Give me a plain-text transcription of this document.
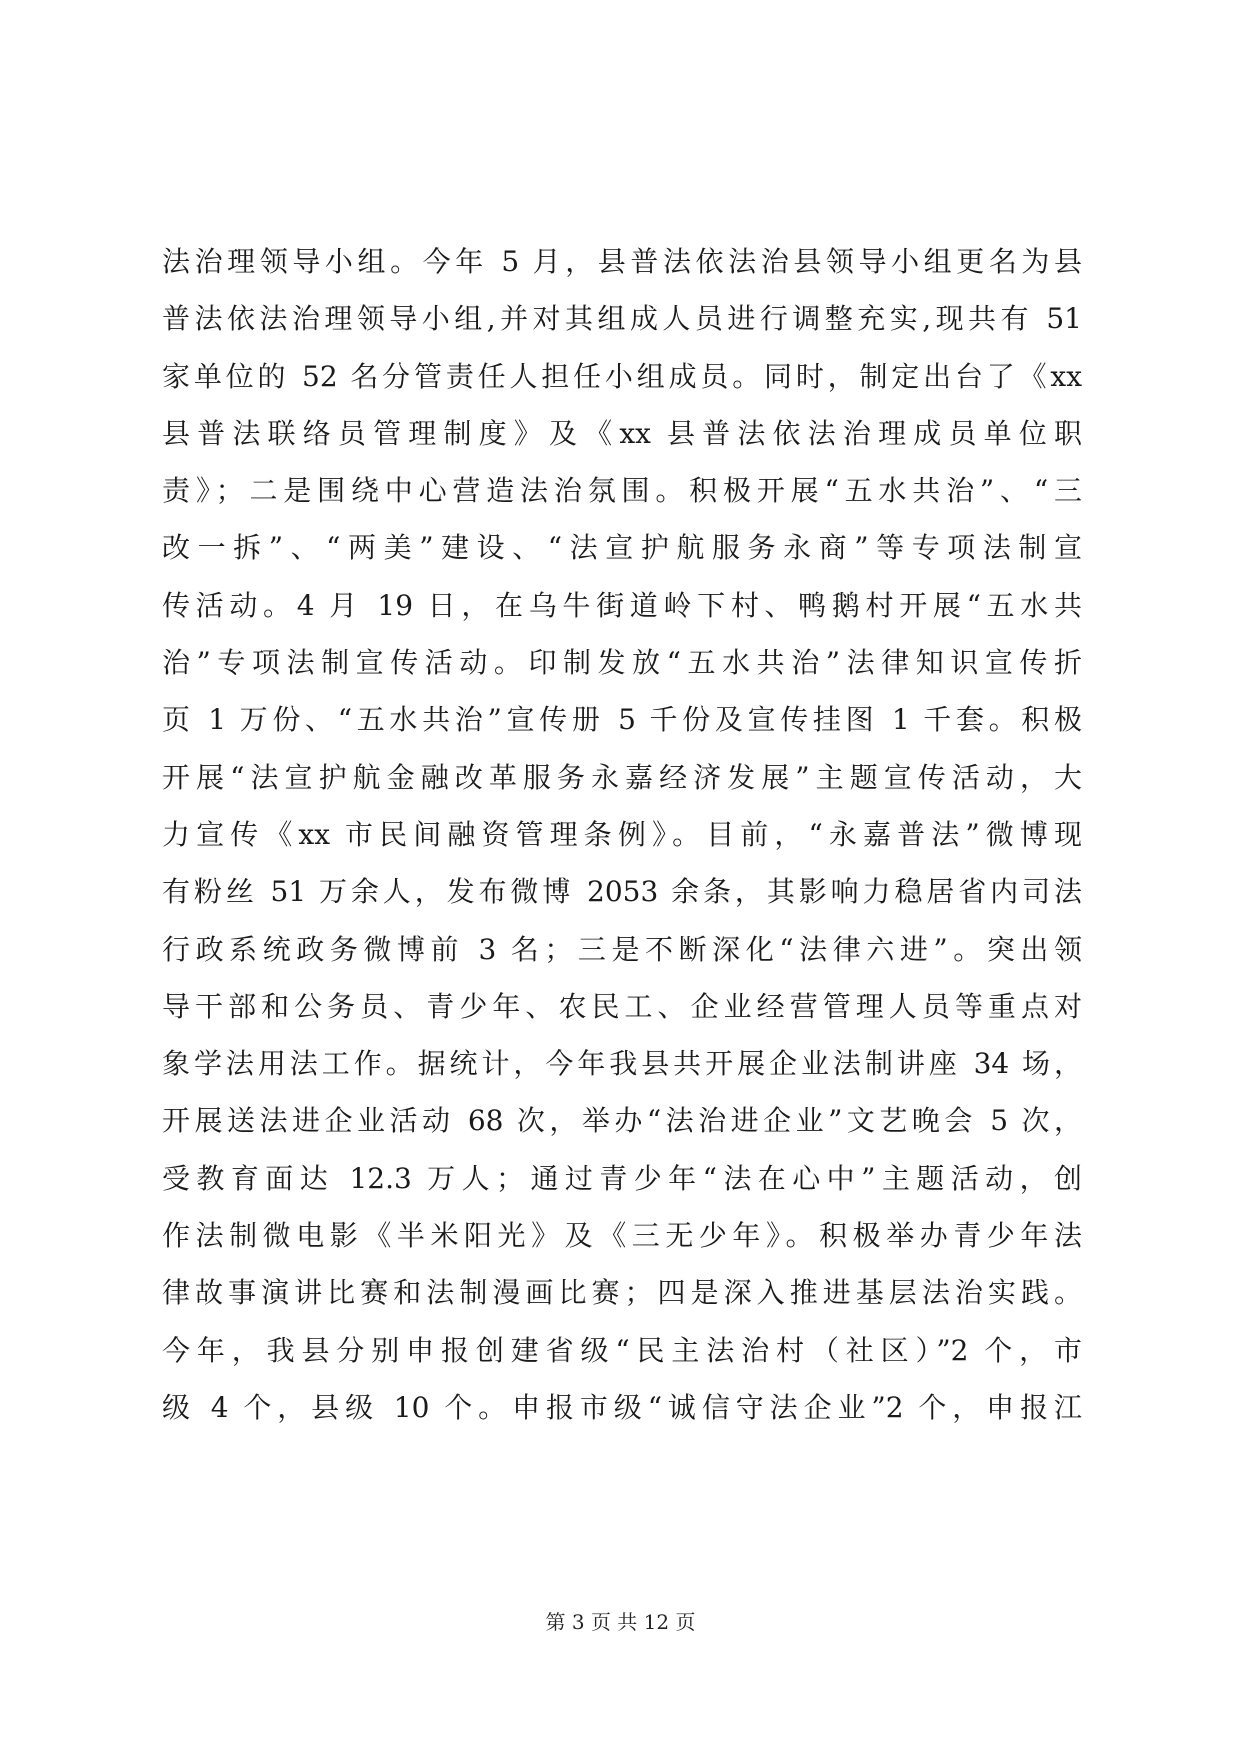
法治理领导小组。今年 5 月，县普法依法治县领导小组更名为县
普法依法治理领导小组,并对其组成人员进行调整充实,现共有 51
家单位的 52 名分管责任人担任小组成员。同时，制定出台了《xx
县普法联络员管理制度》及《xx 县普法依法治理成员单位职
责》；二是围绕中心营造法治氛围。积极开展“五水共治”、“三
改一拆”、“两美”建设、“法宣护航服务永商”等专项法制宣
传活动。4 月 19 日，在乌牛街道岭下村、鸭鹅村开展“五水共
治”专项法制宣传活动。印制发放“五水共治”法律知识宣传折
页 1 万份、“五水共治”宣传册 5 千份及宣传挂图 1 千套。积极
开展“法宣护航金融改革服务永嘉经济发展”主题宣传活动，大
力宣传《xx 市民间融资管理条例》。目前，“永嘉普法”微博现
有粉丝 51 万余人，发布微博 2053 余条，其影响力稳居省内司法
行政系统政务微博前 3 名；三是不断深化“法律六进”。突出领
导干部和公务员、青少年、农民工、企业经营管理人员等重点对
象学法用法工作。据统计，今年我县共开展企业法制讲座 34 场，
开展送法进企业活动 68 次，举办“法治进企业”文艺晚会 5 次，
受教育面达 12.3 万人；通过青少年“法在心中”主题活动，创
作法制微电影《半米阳光》及《三无少年》。积极举办青少年法
律故事演讲比赛和法制漫画比赛；四是深入推进基层法治实践。
今年，我县分别申报创建省级“民主法治村（社区）”2 个，市
级 4 个，县级 10 个。申报市级“诚信守法企业”2 个，申报江
第 3 页 共 12 页
